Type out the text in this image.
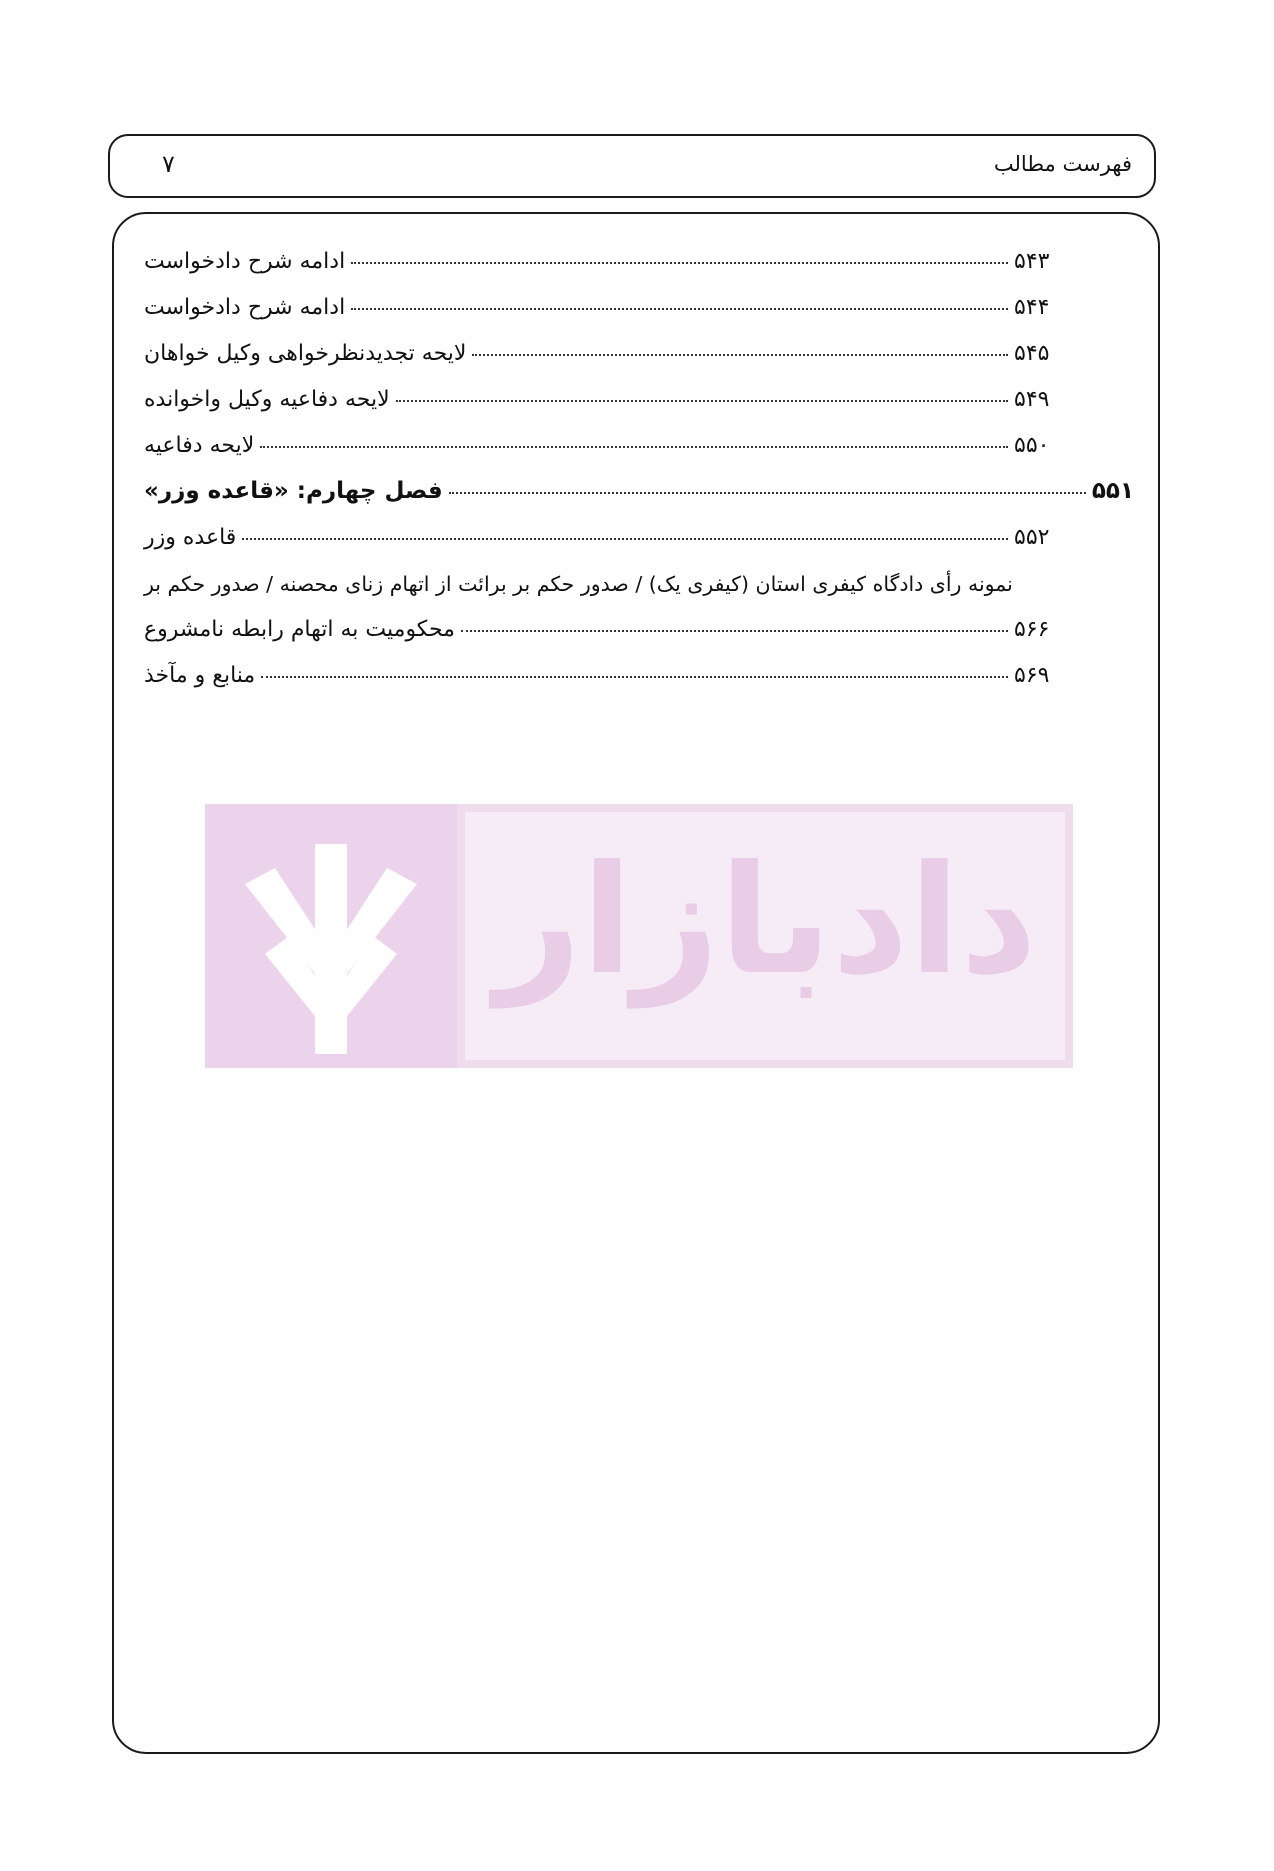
فهرست مطالب
۷
ادامه شرح دادخواست	۵۴۳
ادامه شرح دادخواست	۵۴۴
لایحه تجدیدنظرخواهی وکیل خواهان	۵۴۵
لایحه دفاعیه وکیل واخوانده	۵۴۹
لایحه دفاعیه	۵۵۰
فصل چهارم: «قاعده وزر»	۵۵۱
قاعده وزر	۵۵۲
نمونه رأی دادگاه کیفری استان (کیفری یک) / صدور حکم بر برائت از اتهام زنای محصنه / صدور حکم بر
محکومیت به اتهام رابطه نامشروع	۵۶۶
منابع و مآخذ	۵۶۹
دادبازار
